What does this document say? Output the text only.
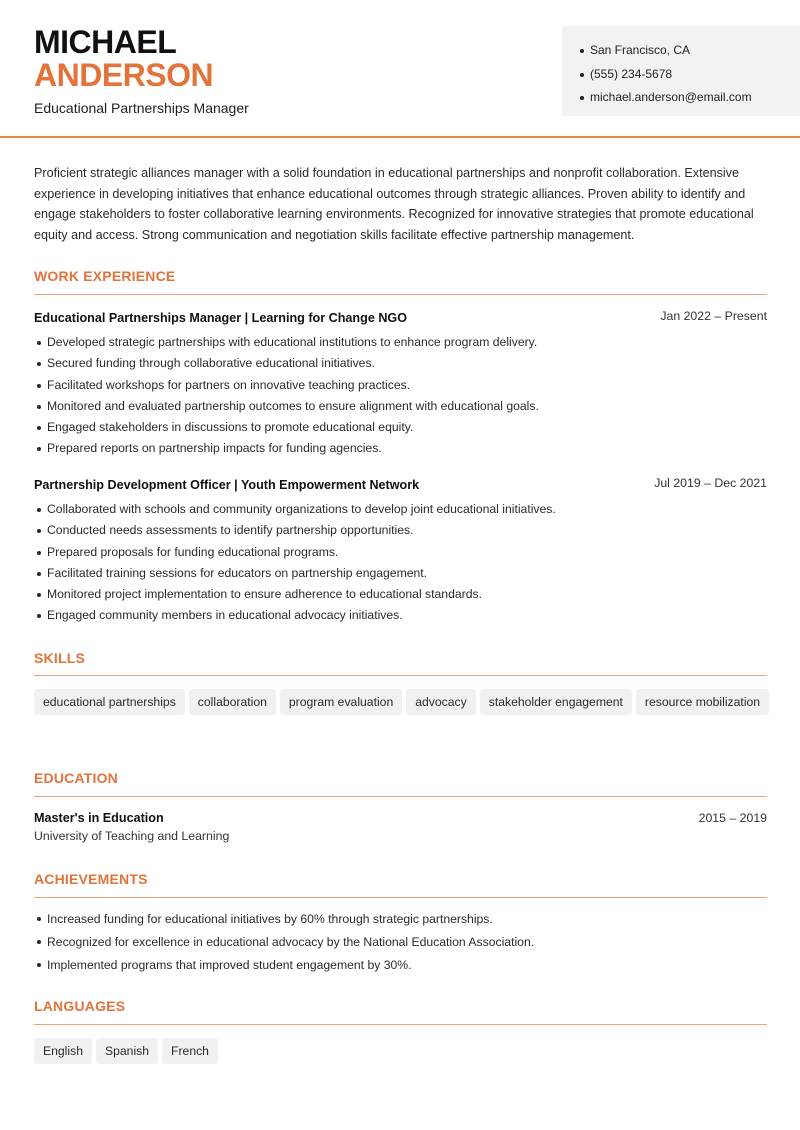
MICHAEL
ANDERSON
Educational Partnerships Manager
San Francisco, CA
(555) 234-5678
michael.anderson@email.com
Proficient strategic alliances manager with a solid foundation in educational partnerships and nonprofit collaboration. Extensive experience in developing initiatives that enhance educational outcomes through strategic alliances. Proven ability to identify and engage stakeholders to foster collaborative learning environments. Recognized for innovative strategies that promote educational equity and access. Strong communication and negotiation skills facilitate effective partnership management.
WORK EXPERIENCE
Educational Partnerships Manager | Learning for Change NGO	Jan 2022 – Present
Developed strategic partnerships with educational institutions to enhance program delivery.
Secured funding through collaborative educational initiatives.
Facilitated workshops for partners on innovative teaching practices.
Monitored and evaluated partnership outcomes to ensure alignment with educational goals.
Engaged stakeholders in discussions to promote educational equity.
Prepared reports on partnership impacts for funding agencies.
Partnership Development Officer | Youth Empowerment Network	Jul 2019 – Dec 2021
Collaborated with schools and community organizations to develop joint educational initiatives.
Conducted needs assessments to identify partnership opportunities.
Prepared proposals for funding educational programs.
Facilitated training sessions for educators on partnership engagement.
Monitored project implementation to ensure adherence to educational standards.
Engaged community members in educational advocacy initiatives.
SKILLS
educational partnerships collaboration program evaluation advocacy stakeholder engagement resource mobilization
EDUCATION
Master's in Education	2015 – 2019
University of Teaching and Learning
ACHIEVEMENTS
Increased funding for educational initiatives by 60% through strategic partnerships.
Recognized for excellence in educational advocacy by the National Education Association.
Implemented programs that improved student engagement by 30%.
LANGUAGES
English Spanish French
